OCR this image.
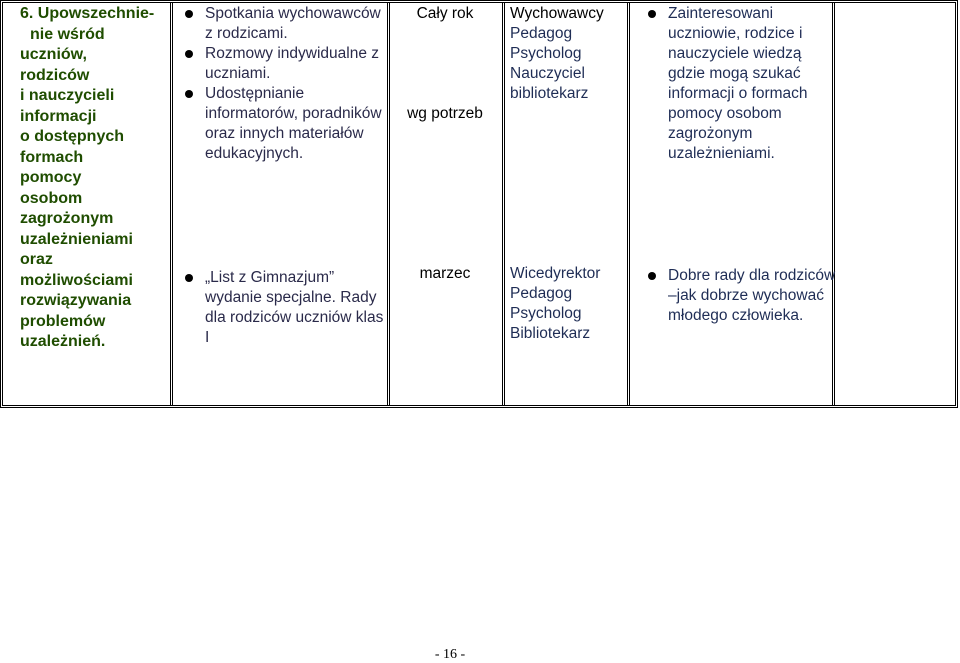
6. Upowszechnie-
nie wśród
uczniów,
rodziców
i nauczycieli
informacji
o dostępnych
formach
pomocy
osobom
zagrożonym
uzależnieniami
oraz
możliwościami
rozwiązywania
problemów
uzależnień.
Spotkania wychowawców z rodzicami.
Rozmowy indywidualne z uczniami.
Udostępnianie informatorów, poradników oraz innych materiałów edukacyjnych.
„List z Gimnazjum” wydanie specjalne. Rady dla rodziców uczniów klas I
Cały rok
wg potrzeb
marzec
Wychowawcy
Pedagog
Psycholog
Nauczyciel
bibliotekarz
Wicedyrektor
Pedagog
Psycholog
Bibliotekarz
Zainteresowani uczniowie, rodzice i nauczyciele wiedzą gdzie mogą szukać informacji o formach pomocy osobom zagrożonym uzależnieniami.
Dobre rady dla rodziców –jak dobrze wychować młodego człowieka.
- 16 -
